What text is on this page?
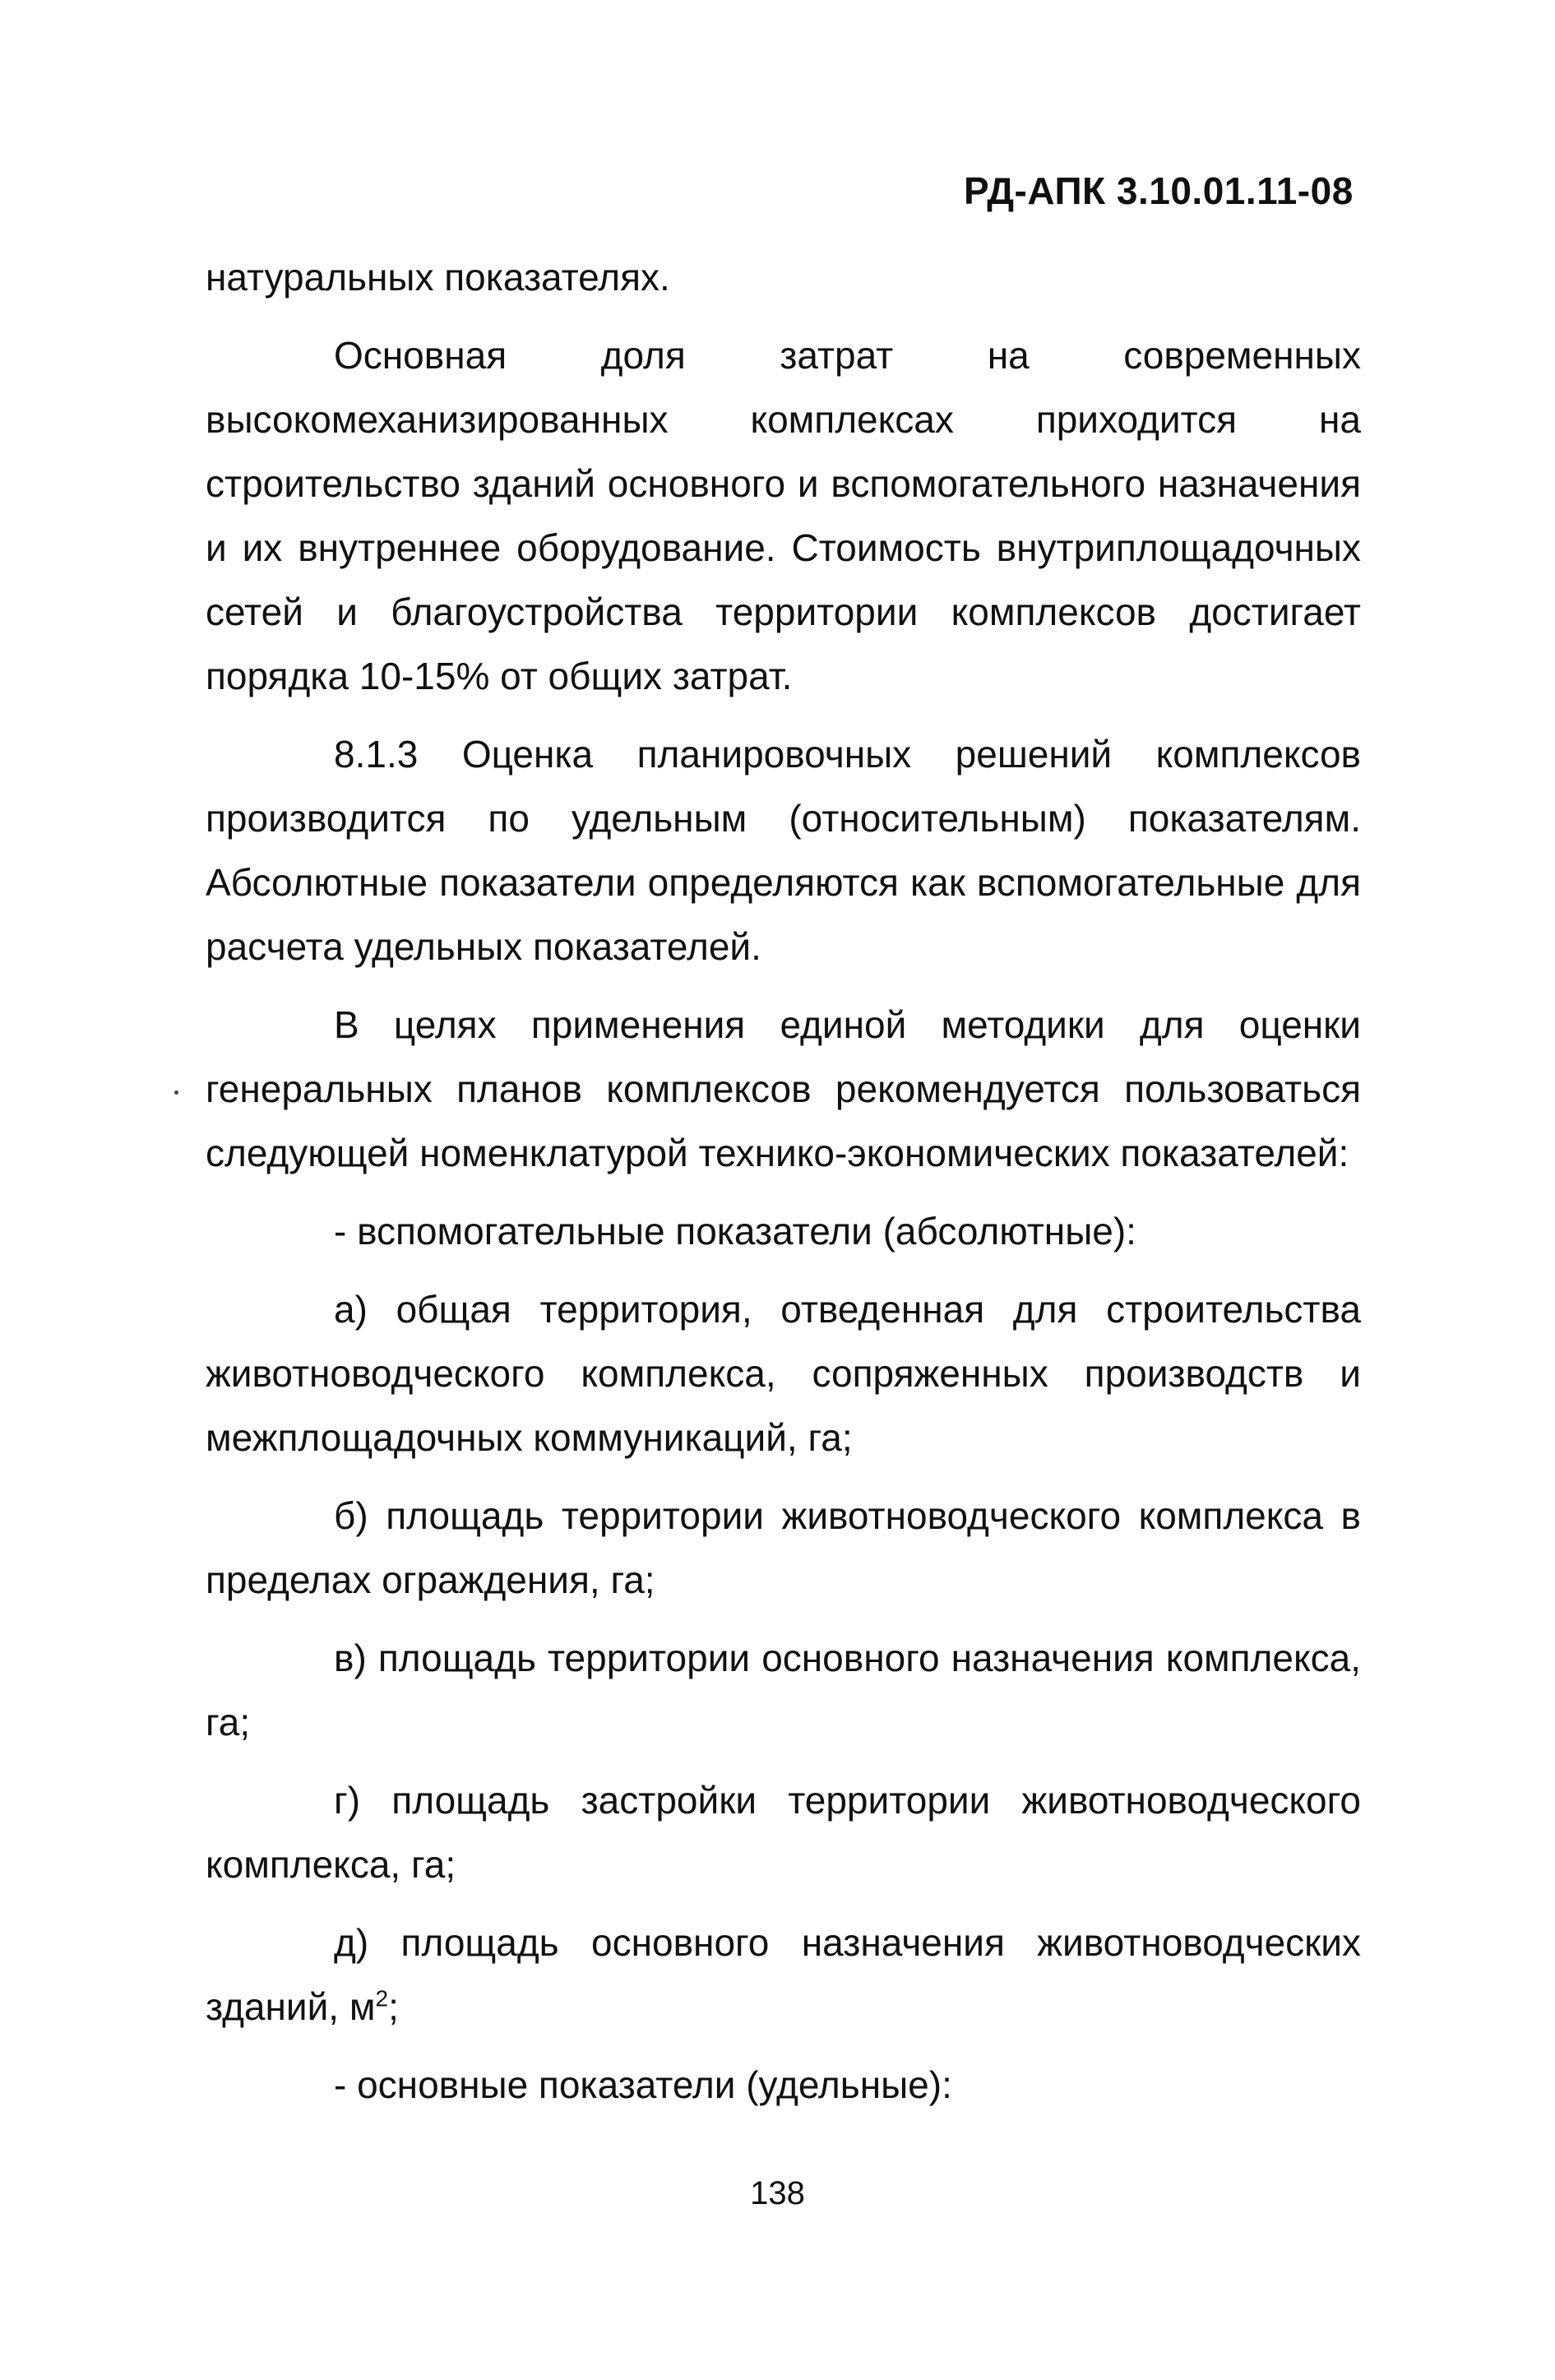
РД-АПК 3.10.01.11-08

натуральных показателях.

Основная доля затрат на современных высокомеханизированных комплексах приходится на строительство зданий основного и вспомогательного назначения и их внутреннее оборудование. Стоимость внутриплощадочных сетей и благоустройства территории комплексов достигает порядка 10-15% от общих затрат.

8.1.3 Оценка планировочных решений комплексов производится по удельным (относительным) показателям. Абсолютные показатели определяются как вспомогательные для расчета удельных показателей.

В целях применения единой методики для оценки генеральных планов комплексов рекомендуется пользоваться следующей номенклатурой технико-экономических показателей:

- вспомогательные показатели (абсолютные):

а) общая территория, отведенная для строительства животноводческого комплекса, сопряженных производств и межплощадочных коммуникаций, га;

б) площадь территории животноводческого комплекса в пределах ограждения, га;

в) площадь территории основного назначения комплекса, га;

г) площадь застройки территории животноводческого комплекса, га;

д) площадь основного назначения животноводческих зданий, $м^2$;

- основные показатели (удельные):

138
